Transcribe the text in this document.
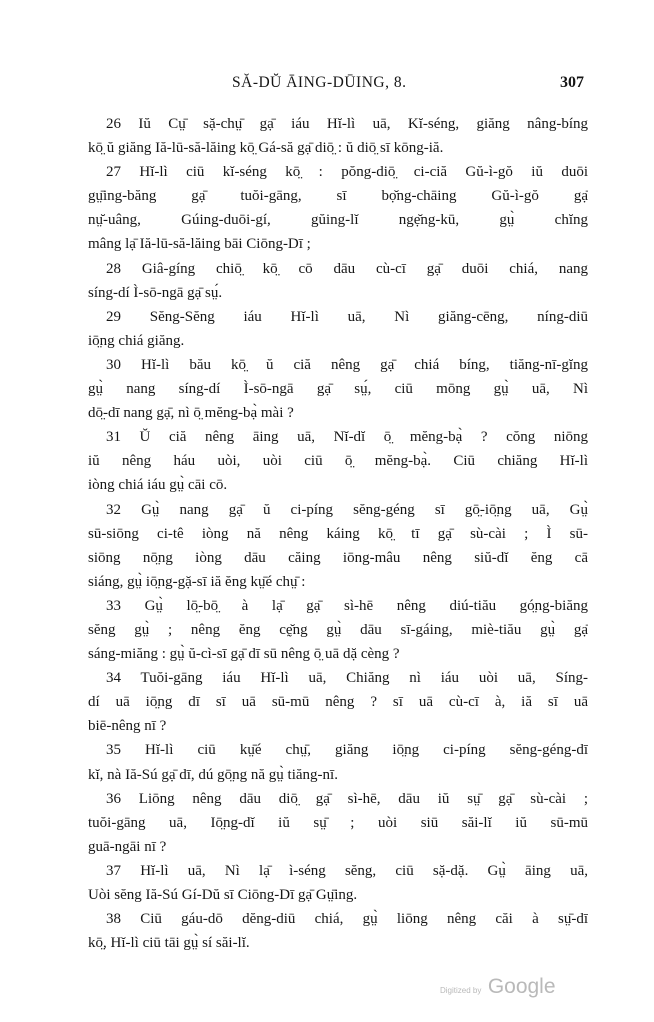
SĂ-DŬ ĀING-DŪING, 8.	307
26 Iŭ Cṳ̄ sặ-chṳ̄ gạ̄ iáu Hĭ-lì uā, Kĭ-séng, giăng nâng-bíng
kō̤ ŭ giăng Iă-lū-să-lăing kō̤ Gá-să gạ̄ diō̤ : ŭ diō̤ sī kōng-iă.
27 Hĭ-lì ciū kĭ-séng kō̤ : pŏng-diō̤ ci-ciă Gŭ-ì-gŏ iŭ duōi
gṳ̄ing-băng gạ̄ tuŏi-gāng, sī bọ̆ng-chāing Gŭ-ì-gŏ gạ̄
nṳ̆-uâng, Gúing-duōi-gí, gŭing-lĭ ngẹ̆ng-kū, gṳ̀ chĭng
mâng lạ̄ Iă-lū-să-lăing bāi Ciōng-Dī ;
28 Giâ-gíng chiō̤ kō̤ cō dāu cù-cī gạ̄ duōi chiá, nang
síng-dí Ì-sō-ngā gạ̄ sṳ́.
29 Sĕng-Sĕng iáu Hĭ-lì uā, Nì giăng-cēng, níng-diū
iō̤ng chiá giăng.
30 Hĭ-lì bău kō̤ ŭ ciă nêng gạ̄ chiá bíng, tiăng-nī-gĭng
gṳ̀ nang síng-dí Ì-sō-ngā gạ̄ sṳ́, ciū mōng gṳ̀ uā, Nì
dō̤-dī nang gạ̄, nì ō̤ mĕng-bạ̀ mài ?
31 Ŭ ciă nêng āing uā, Nĭ-dĭ ō̤ mĕng-bạ̀ ? cŏng niōng
iŭ nêng háu uòi, uòi ciū ō̤ mĕng-bạ̀. Ciū chiăng Hĭ-lì
iòng chiá iáu gṳ̀ cāi cō.
32 Gṳ̀ nang gạ̄ ŭ ci-píng sĕng-géng sī gō̤-iō̤ng uā, Gṳ̀
sū-siōng ci-tê iòng nă nêng káing kō̤ tī gạ̄ sù-cài ; Ì sū-
siōng nō̤ng iòng dāu căing iōng-mâu nêng siŭ-dĭ ĕng cā
siáng, gṳ̀ iō̤ng-gặ-sī iă ĕng kṳ̄é chṳ̄ :
33 Gṳ̀ lō̤-bō̤ à lạ̄ gạ̄ sì-hē nêng diú-tiău gó̤ng-biăng
sĕng gṳ̀ ; nêng ĕng cḛ̆ng gṳ̀ dāu sī-gáing, miè-tiău gṳ̀ gạ̄
sáng-miăng : gṳ̀ ŭ-cì-sī gạ̄ dī sū nêng ō̤ uā dặ cèng ?
34 Tuŏi-gāng iáu Hĭ-lì uā, Chiăng nì iáu uòi uā, Síng-
dí uā iō̤ng dī sī uā sū-mū nêng ? sī uā cù-cī à, iă sī uā
biē-nêng nī ?
35 Hĭ-lì ciū kṳ̄é chṳ̄, giăng iō̤ng ci-píng sĕng-géng-dī
kĭ, nà Iă-Sú gạ̄ dī, dú gō̤ng nă gṳ̀ tiăng-nī.
36 Liōng nêng dāu diō̤ gạ̄ sì-hē, dāu iŭ sṳ̄ gạ̄ sù-cài ;
tuŏi-gāng uā, Iō̤ng-dĭ iŭ sṳ̄ ; uòi siū săi-lĭ iŭ sū-mū
guā-ngāi nī ?
37 Hĭ-lì uā, Nì lạ̄ ì-séng sĕng, ciū sặ-dặ. Gṳ̀ āing uā,
Uòi sĕng Iă-Sú Gí-Dŭ sī Ciōng-Dī gạ̄ Gṳ̄ing.
38 Ciū gáu-dō dĕng-diū chiá, gṳ̀ liōng nêng căi à sṳ̄-dī
kō̤, Hĭ-lì ciū tāi gṳ̀ sí săi-lĭ.
Digitized by Google
